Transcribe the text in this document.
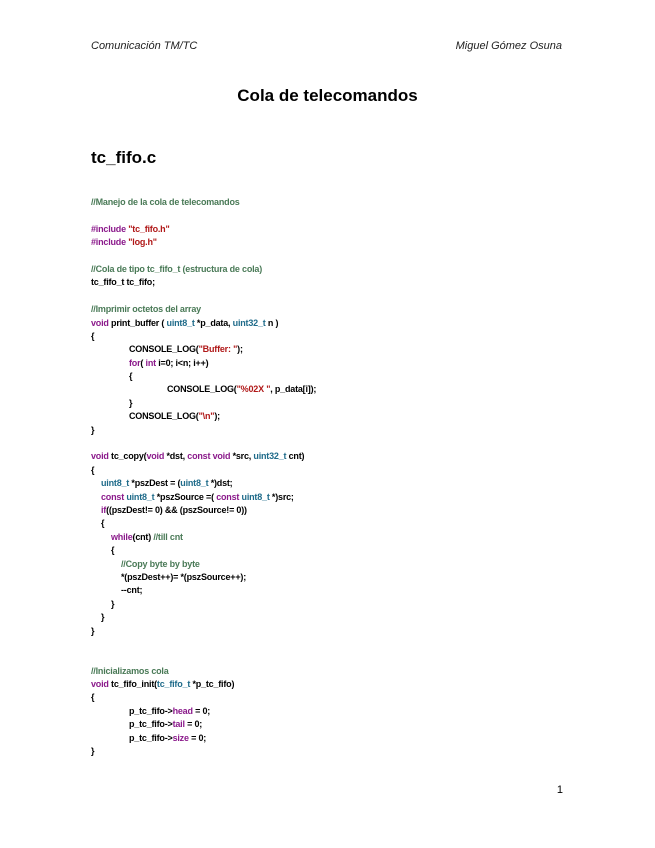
Comunicación TM/TC	Miguel Gómez Osuna
Cola de telecomandos
tc_fifo.c
//Manejo de la cola de telecomandos
#include "tc_fifo.h"
#include "log.h"
//Cola de tipo tc_fifo_t (estructura de cola)
tc_fifo_t tc_fifo;
//Imprimir octetos del array
void print_buffer ( uint8_t *p_data, uint32_t n )
{
CONSOLE_LOG("Buffer: ");
for( int i=0; i<n; i++)
{
CONSOLE_LOG("%02X ", p_data[i]);
}
CONSOLE_LOG("\n");
}
void tc_copy(void *dst, const void *src, uint32_t cnt)
{
uint8_t *pszDest = (uint8_t *)dst;
const uint8_t *pszSource =( const uint8_t *)src;
if((pszDest!= 0) && (pszSource!= 0))
{
while(cnt) //till cnt
{
//Copy byte by byte
*(pszDest++)= *(pszSource++);
--cnt;
}
}
}
//Inicializamos cola
void tc_fifo_init(tc_fifo_t *p_tc_fifo)
{
p_tc_fifo->head = 0;
p_tc_fifo->tail = 0;
p_tc_fifo->size = 0;
}
1
